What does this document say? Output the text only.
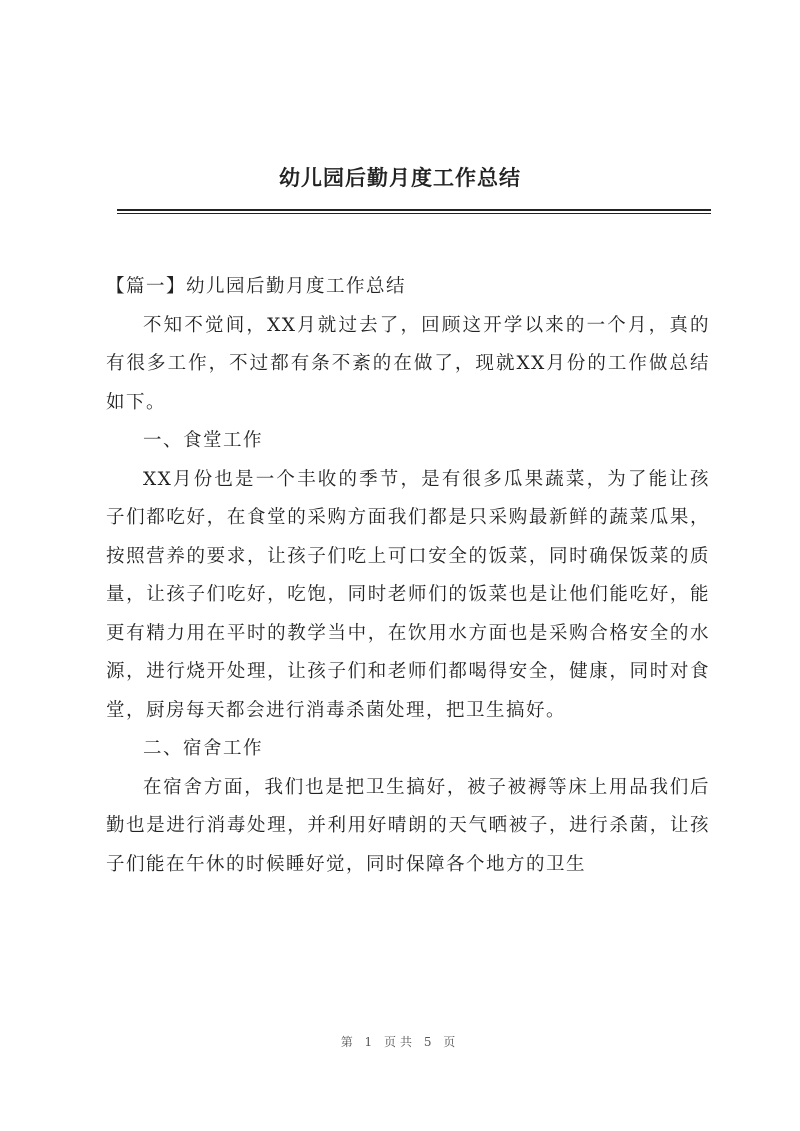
幼儿园后勤月度工作总结

【篇一】幼儿园后勤月度工作总结

不知不觉间，XX月就过去了，回顾这开学以来的一个月，真的有很多工作，不过都有条不紊的在做了，现就XX月份的工作做总结如下。

一、食堂工作

XX月份也是一个丰收的季节，是有很多瓜果蔬菜，为了能让孩子们都吃好，在食堂的采购方面我们都是只采购最新鲜的蔬菜瓜果，按照营养的要求，让孩子们吃上可口安全的饭菜，同时确保饭菜的质量，让孩子们吃好，吃饱，同时老师们的饭菜也是让他们能吃好，能更有精力用在平时的教学当中，在饮用水方面也是采购合格安全的水源，进行烧开处理，让孩子们和老师们都喝得安全，健康，同时对食堂，厨房每天都会进行消毒杀菌处理，把卫生搞好。

二、宿舍工作

在宿舍方面，我们也是把卫生搞好，被子被褥等床上用品我们后勤也是进行消毒处理，并利用好晴朗的天气晒被子，进行杀菌，让孩子们能在午休的时候睡好觉，同时保障各个地方的卫生

第 1 页共 5 页
